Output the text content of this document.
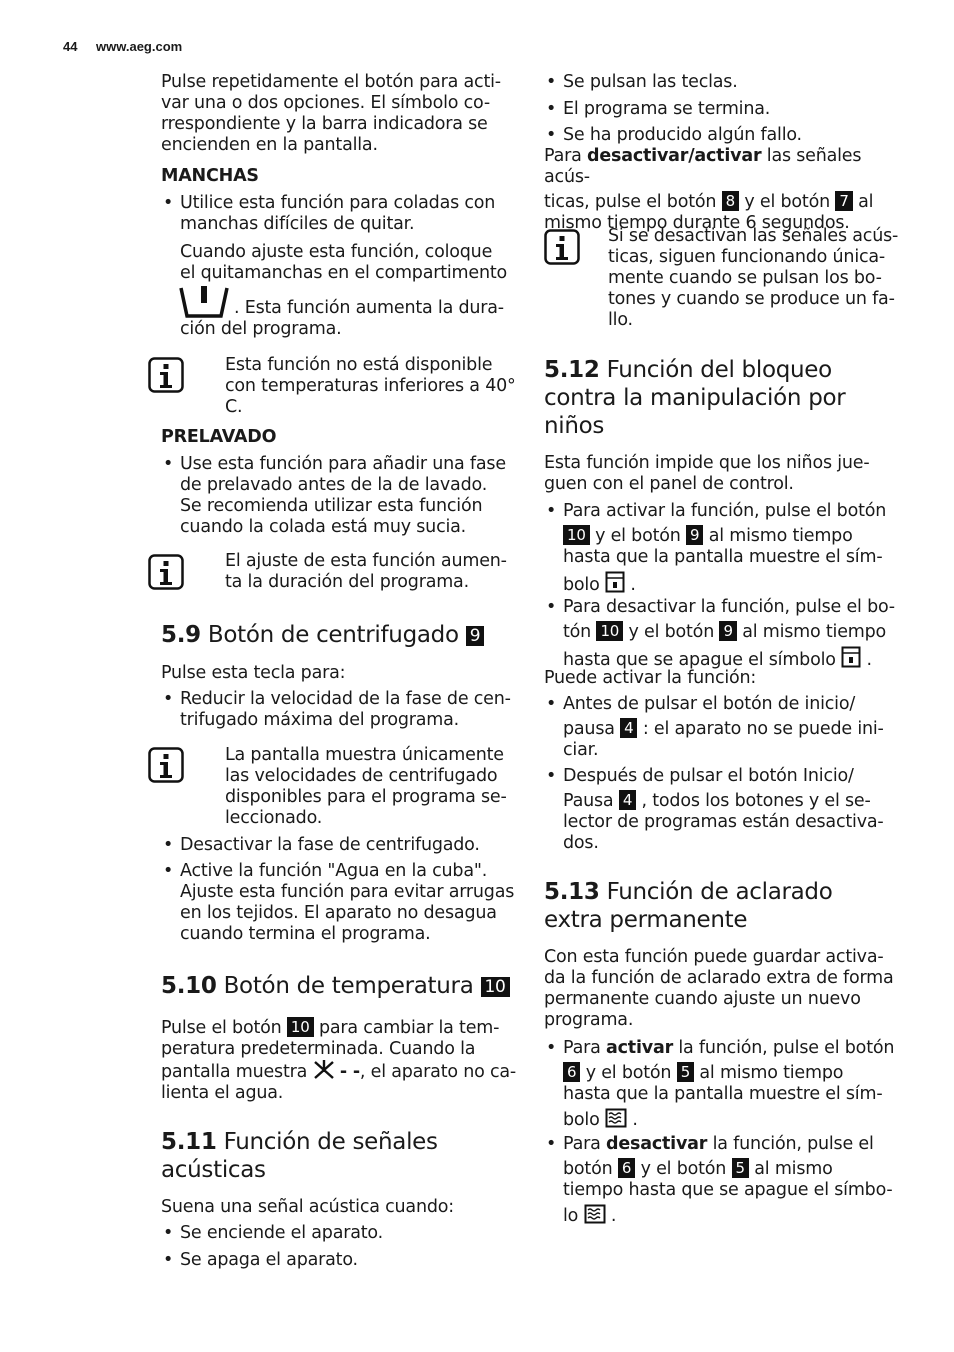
44 www.aeg.com
Pulse repetidamente el botón para acti-
var una o dos opciones. El símbolo co-
rrespondiente y la barra indicadora se
encienden en la pantalla.
MANCHAS
• Utilice esta función para coladas con
manchas difíciles de quitar.
Cuando ajuste esta función, coloque
el quitamanchas en el compartimento
. Esta función aumenta la dura-
ción del programa.
Esta función no está disponible
con temperaturas inferiores a 40°
C.
PRELAVADO
• Use esta función para añadir una fase
de prelavado antes de la de lavado.
Se recomienda utilizar esta función
cuando la colada está muy sucia.
El ajuste de esta función aumen-
ta la duración del programa.
5.9 Botón de centrifugado 9
Pulse esta tecla para:
• Reducir la velocidad de la fase de cen-
trifugado máxima del programa.
La pantalla muestra únicamente
las velocidades de centrifugado
disponibles para el programa se-
leccionado.
• Desactivar la fase de centrifugado.
• Active la función "Agua en la cuba".
Ajuste esta función para evitar arrugas
en los tejidos. El aparato no desagua
cuando termina el programa.
5.10 Botón de temperatura 10
Pulse el botón 10 para cambiar la tem-
peratura predeterminada. Cuando la
pantalla muestra - -, el aparato no ca-
lienta el agua.
5.11 Función de señales
acústicas
Suena una señal acústica cuando:
• Se enciende el aparato.
• Se apaga el aparato.
• Se pulsan las teclas.
• El programa se termina.
• Se ha producido algún fallo.
Para desactivar/activar las señales acús-
ticas, pulse el botón 8 y el botón 7 al
mismo tiempo durante 6 segundos.
Si se desactivan las señales acús-
ticas, siguen funcionando única-
mente cuando se pulsan los bo-
tones y cuando se produce un fa-
llo.
5.12 Función del bloqueo
contra la manipulación por
niños
Esta función impide que los niños jue-
guen con el panel de control.
• Para activar la función, pulse el botón
10 y el botón 9 al mismo tiempo
hasta que la pantalla muestre el sím-
bolo .
• Para desactivar la función, pulse el bo-
tón 10 y el botón 9 al mismo tiempo
hasta que se apague el símbolo .
Puede activar la función:
• Antes de pulsar el botón de inicio/
pausa 4 : el aparato no se puede ini-
ciar.
• Después de pulsar el botón Inicio/
Pausa 4 , todos los botones y el se-
lector de programas están desactiva-
dos.
5.13 Función de aclarado
extra permanente
Con esta función puede guardar activa-
da la función de aclarado extra de forma
permanente cuando ajuste un nuevo
programa.
• Para activar la función, pulse el botón
6 y el botón 5 al mismo tiempo
hasta que la pantalla muestre el sím-
bolo .
• Para desactivar la función, pulse el
botón 6 y el botón 5 al mismo
tiempo hasta que se apague el símbo-
lo .
